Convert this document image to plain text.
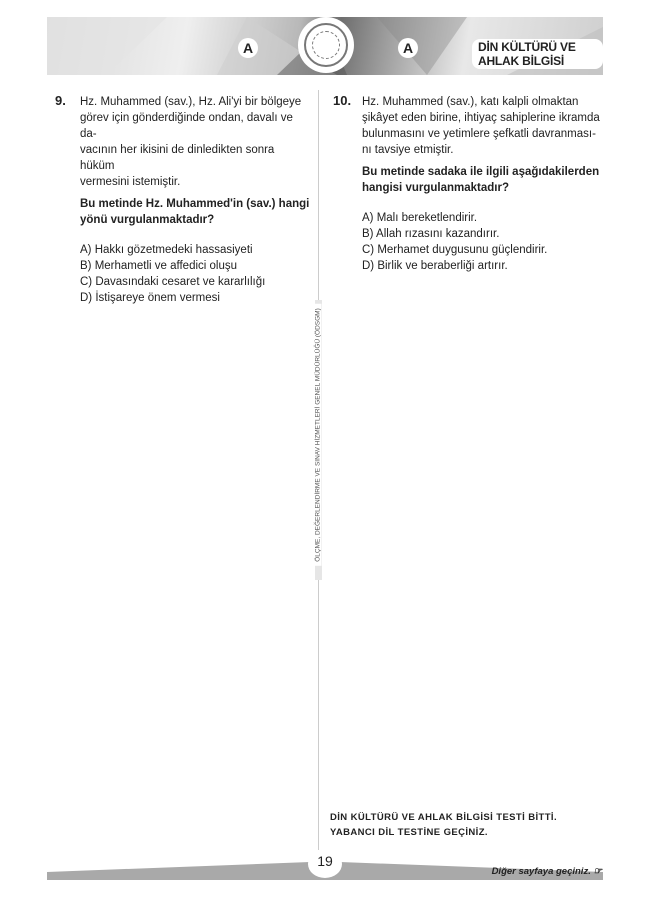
DİN KÜLTÜRÜ VE AHLAK BİLGİSİ
A	A
ÖLÇME, DEĞERLENDİRME VE SINAV HİZMETLERİ GENEL MÜDÜRLÜĞÜ (ÖDSGM)
9. Hz. Muhammed (sav.), Hz. Ali'yi bir bölgeye
görev için gönderdiğinde ondan, davalı ve da-
vacının her ikisini de dinledikten sonra hüküm
vermesini istemiştir.

Bu metinde Hz. Muhammed'in (sav.) hangi
yönü vurgulanmaktadır?

A) Hakkı gözetmedeki hassasiyeti

B) Merhametli ve affedici oluşu

C) Davasındaki cesaret ve kararlılığı

D) İstişareye önem vermesi

10. Hz. Muhammed (sav.), katı kalpli olmaktan
şikâyet eden birine, ihtiyaç sahiplerine ikramda
bulunmasını ve yetimlere şefkatli davranması-
nı tavsiye etmiştir.

Bu metinde sadaka ile ilgili aşağıdakilerden
hangisi vurgulanmaktadır?

A) Malı bereketlendirir.

B) Allah rızasını kazandırır.

C) Merhamet duygusunu güçlendirir.

D) Birlik ve beraberliği artırır.

DİN KÜLTÜRÜ VE AHLAK BİLGİSİ TESTİ BİTTİ.
YABANCI DİL TESTİNE GEÇİNİZ.
19
Diğer sayfaya geçiniz. ☞
